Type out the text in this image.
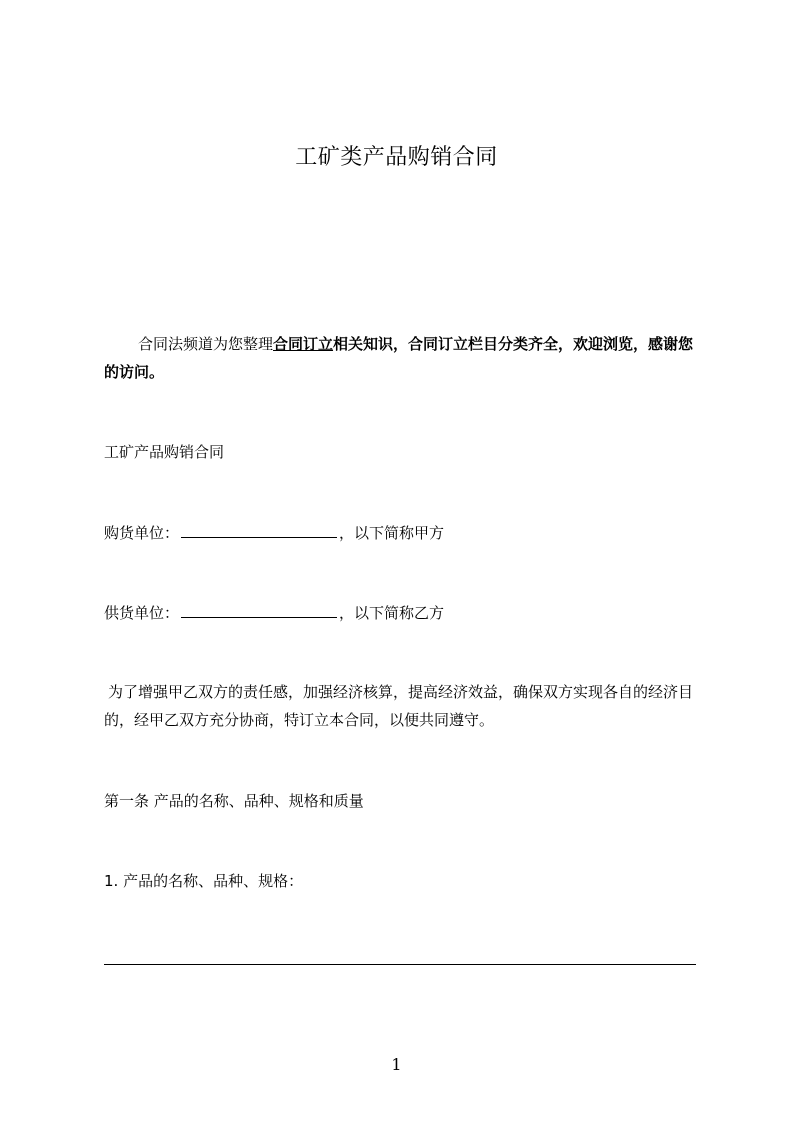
工矿类产品购销合同
合同法频道为您整理合同订立相关知识，合同订立栏目分类齐全，欢迎浏览，感谢您的访问。
工矿产品购销合同
购货单位：	，以下简称甲方
供货单位：	，以下简称乙方
为了增强甲乙双方的责任感，加强经济核算，提高经济效益，确保双方实现各自的经济目的，经甲乙双方充分协商，特订立本合同，以便共同遵守。
第一条 产品的名称、品种、规格和质量
1. 产品的名称、品种、规格：
1
